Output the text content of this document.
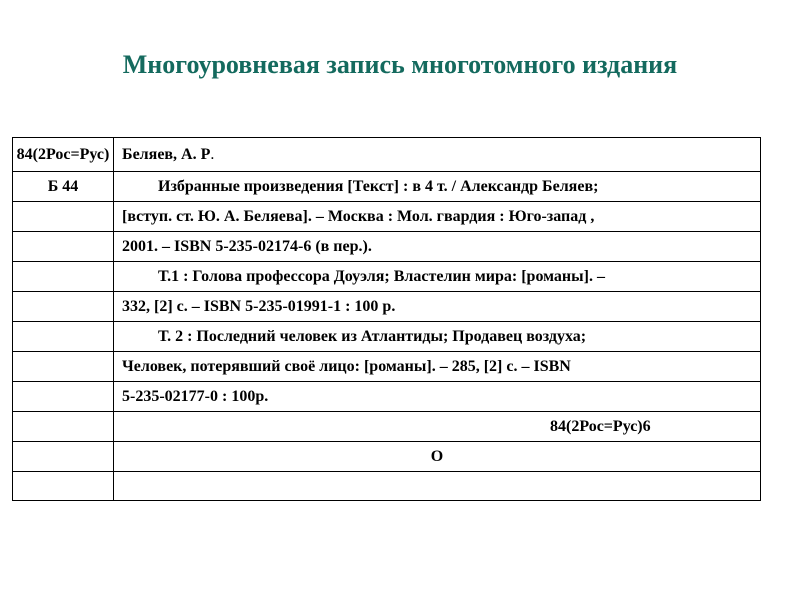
Многоуровневая запись многотомного издания
84(2Рос=Рус)	Беляев, А. Р.
Б 44	Избранные произведения [Текст] : в 4 т. / Александр Беляев;
	[вступ. ст. Ю. А. Беляева]. – Москва : Мол. гвардия : Юго-запад ,
	2001. – ISBN 5-235-02174-6 (в пер.).
	Т.1 : Голова профессора Доуэля; Властелин мира: [романы]. –
	332, [2] с. – ISBN 5-235-01991-1 : 100 р.
	Т. 2 : Последний человек из Атлантиды; Продавец воздуха;
	Человек, потерявший своё лицо: [романы]. – 285, [2] с. – ISBN
	5-235-02177-0 : 100р.
	84(2Рос=Рус)6
	О
